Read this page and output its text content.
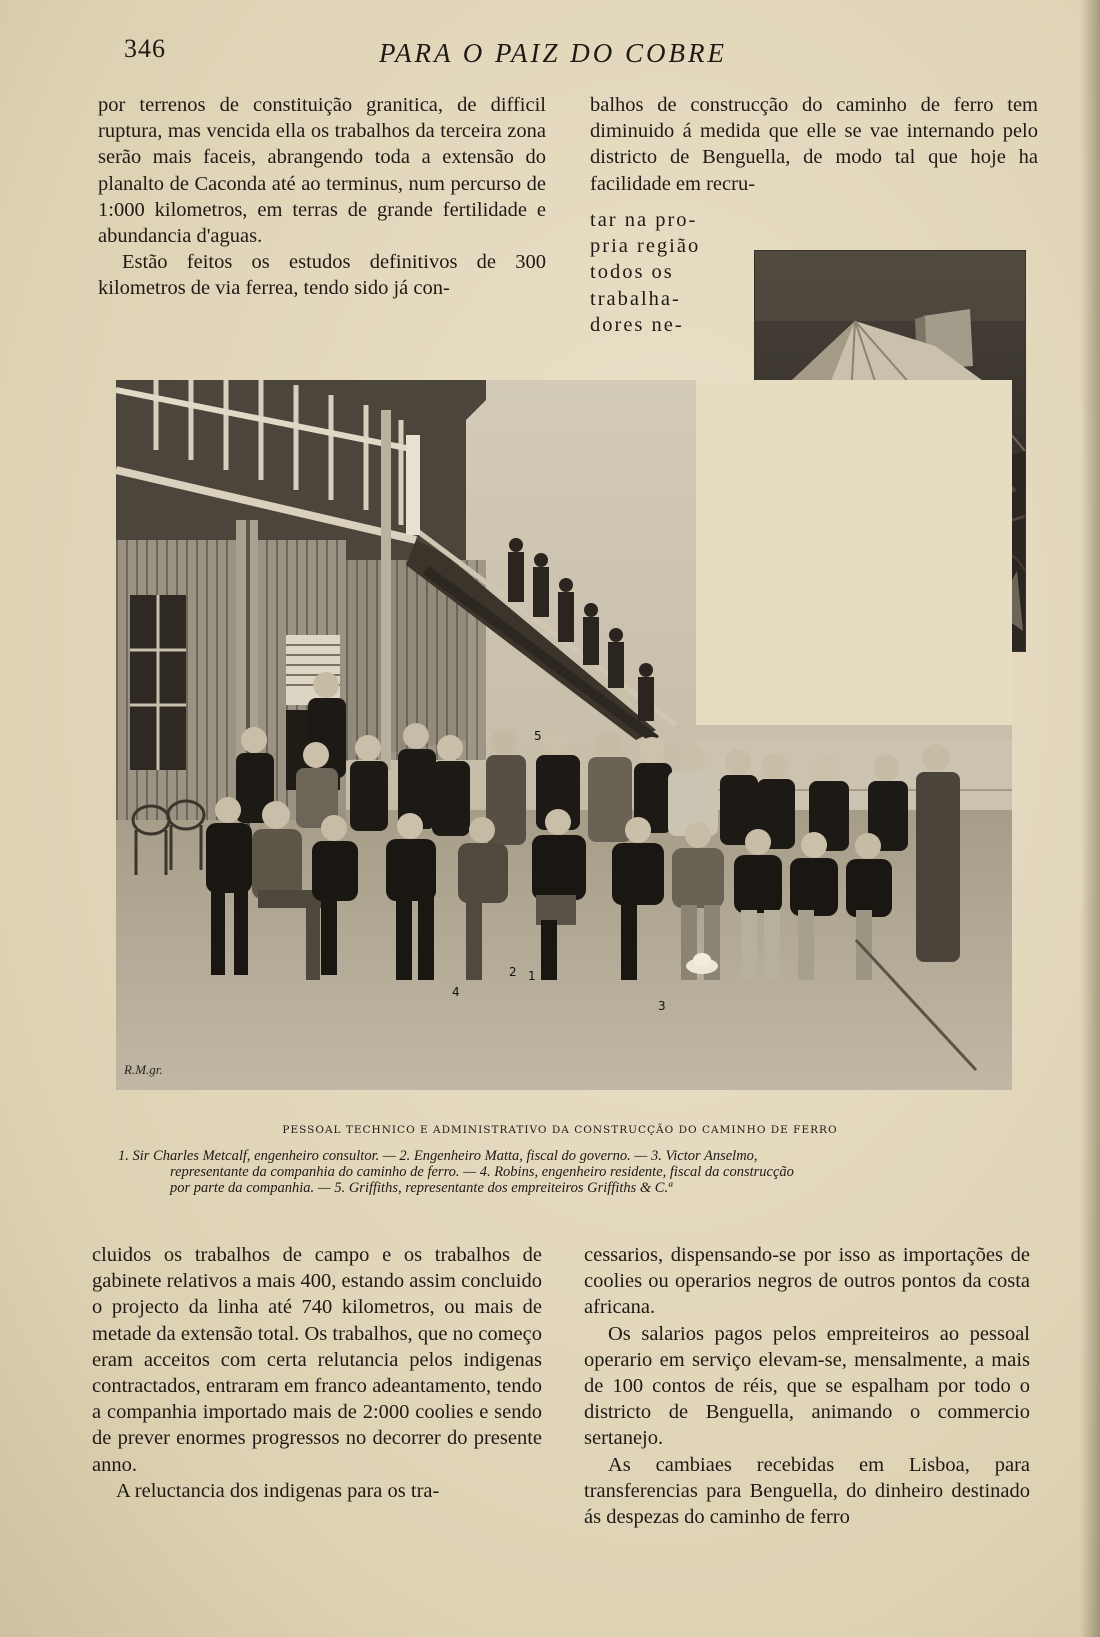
346	PARA O PAIZ DO COBRE

por terrenos de constituição granitica, de difficil ruptura, mas vencida ella os trabalhos da terceira zona serão mais faceis, abrangendo toda a extensão do planalto de Caconda até ao terminus, num percurso de 1:000 kilometros, em terras de grande fertilidade e abundancia d'aguas.

Estão feitos os estudos definitivos de 300 kilometros de via ferrea, tendo sido já con-

balhos de construcção do caminho de ferro tem diminuido á medida que elle se vae internando pelo districto de Benguella, de modo tal que hoje ha facilidade em recru-

tar na pro-
pria região
todos os
trabalha-
dores ne-
1
2
3
4
5
R.M.gr.
PESSOAL TECHNICO E ADMINISTRATIVO DA CONSTRUCÇÃO DO CAMINHO DE FERRO

1. Sir Charles Metcalf, engenheiro consultor. — 2. Engenheiro Matta, fiscal do governo. — 3. Victor Anselmo,

representante da companhia do caminho de ferro. — 4. Robins, engenheiro residente, fiscal da construcção

por parte da companhia. — 5. Griffiths, representante dos empreiteiros Griffiths & C.ª

cluidos os trabalhos de campo e os trabalhos de gabinete relativos a mais 400, estando assim concluido o projecto da linha até 740 kilometros, ou mais de metade da extensão total. Os trabalhos, que no começo eram acceitos com certa relutancia pelos indigenas contractados, entraram em franco adeantamento, tendo a companhia importado mais de 2:000 coolies e sendo de prever enormes progressos no decorrer do presente anno.

A reluctancia dos indigenas para os tra-

cessarios, dispensando-se por isso as importações de coolies ou operarios negros de outros pontos da costa africana.

Os salarios pagos pelos empreiteiros ao pessoal operario em serviço elevam-se, mensalmente, a mais de 100 contos de réis, que se espalham por todo o districto de Benguella, animando o commercio sertanejo.

As cambiaes recebidas em Lisboa, para transferencias para Benguella, do dinheiro destinado ás despezas do caminho de ferro
